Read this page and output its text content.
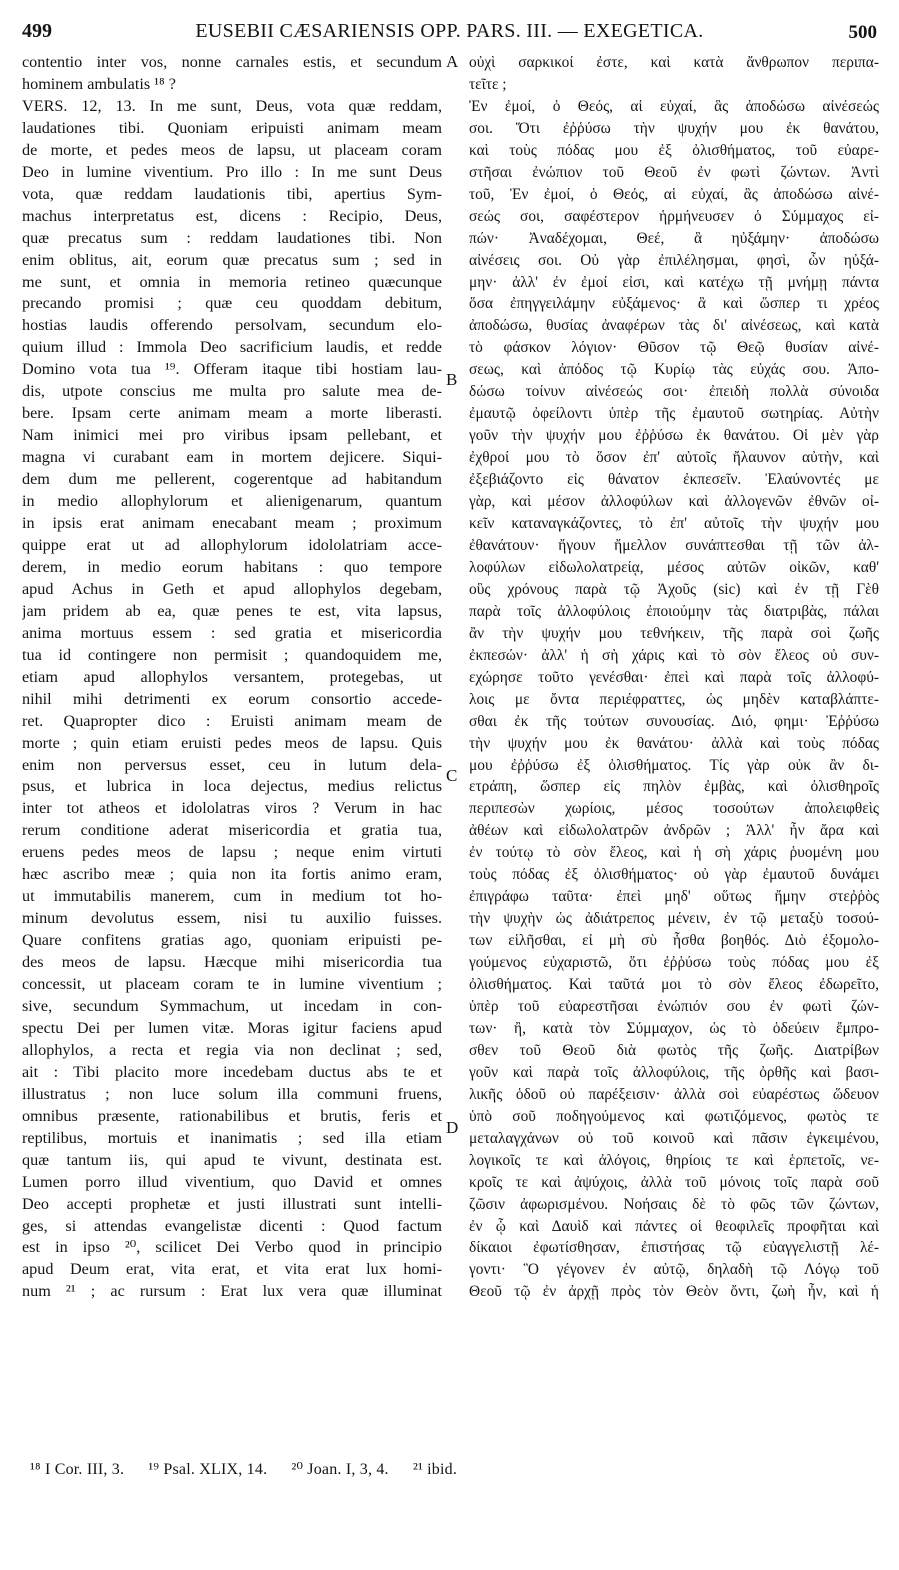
499	EUSEBII CÆSARIENSIS OPP. PARS. III. — EXEGETICA.	500
contentio inter vos, nonne carnales estis, et secundum
hominem ambulatis ¹⁸ ?
VERS. 12, 13. In me sunt, Deus, vota quæ reddam,
laudationes tibi. Quoniam eripuisti animam meam
de morte, et pedes meos de lapsu, ut placeam coram
Deo in lumine viventium. Pro illo : In me sunt Deus
vota, quæ reddam laudationis tibi, apertius Sym-
machus interpretatus est, dicens : Recipio, Deus,
quæ precatus sum : reddam laudationes tibi. Non
enim oblitus, ait, eorum quæ precatus sum ; sed in
me sunt, et omnia in memoria retineo quæcunque
precando promisi ; quæ ceu quoddam debitum,
hostias laudis offerendo persolvam, secundum elo-
quium illud : Immola Deo sacrificium laudis, et redde
Domino vota tua ¹⁹. Offeram itaque tibi hostiam lau-
dis, utpote conscius me multa pro salute mea de-
bere. Ipsam certe animam meam a morte liberasti.
Nam inimici mei pro viribus ipsam pellebant, et
magna vi curabant eam in mortem dejicere. Siqui-
dem dum me pellerent, cogerentque ad habitandum
in medio allophylorum et alienigenarum, quantum
in ipsis erat animam enecabant meam ; proximum
quippe erat ut ad allophylorum idololatriam acce-
derem, in medio eorum habitans : quo tempore
apud Achus in Geth et apud allophylos degebam,
jam pridem ab ea, quæ penes te est, vita lapsus,
anima mortuus essem : sed gratia et misericordia
tua id contingere non permisit ; quandoquidem me,
etiam apud allophylos versantem, protegebas, ut
nihil mihi detrimenti ex eorum consortio accede-
ret. Quapropter dico : Eruisti animam meam de
morte ; quin etiam eruisti pedes meos de lapsu. Quis
enim non perversus esset, ceu in lutum dela-
psus, et lubrica in loca dejectus, medius relictus
inter tot atheos et idololatras viros ? Verum in hac
rerum conditione aderat misericordia et gratia tua,
eruens pedes meos de lapsu ; neque enim virtuti
hæc ascribo meæ ; quia non ita fortis animo eram,
ut immutabilis manerem, cum in medium tot ho-
minum devolutus essem, nisi tu auxilio fuisses.
Quare confitens gratias ago, quoniam eripuisti pe-
des meos de lapsu. Hæcque mihi misericordia tua
concessit, ut placeam coram te in lumine viventium ;
sive, secundum Symmachum, ut incedam in con-
spectu Dei per lumen vitæ. Moras igitur faciens apud
allophylos, a recta et regia via non declinat ; sed,
ait : Tibi placito more incedebam ductus abs te et
illustratus ; non luce solum illa communi fruens,
omnibus præsente, rationabilibus et brutis, feris et
reptilibus, mortuis et inanimatis ; sed illa etiam
quæ tantum iis, qui apud te vivunt, destinata est.
Lumen porro illud viventium, quo David et omnes
Deo accepti prophetæ et justi illustrati sunt intelli-
ges, si attendas evangelistæ dicenti : Quod factum
est in ipso ²⁰, scilicet Dei Verbo quod in principio
apud Deum erat, vita erat, et vita erat lux homi-
num ²¹ ; ac rursum : Erat lux vera quæ illuminat
οὐχὶ σαρκικοί ἐστε, καὶ κατὰ ἄνθρωπον περιπα-
τεῖτε ;
Ἐν ἐμοί, ὁ Θεός, αἱ εὐχαί, ἃς ἀποδώσω αἰνέσεώς
σοι. Ὅτι ἐῤῥύσω τὴν ψυχήν μου ἐκ θανάτου,
καὶ τοὺς πόδας μου ἐξ ὀλισθήματος, τοῦ εὐαρε-
στῆσαι ἐνώπιον τοῦ Θεοῦ ἐν φωτὶ ζώντων. Ἀντὶ
τοῦ, Ἐν ἐμοί, ὁ Θεός, αἱ εὐχαί, ἃς ἀποδώσω αἰνέ-
σεώς σοι, σαφέστερον ἡρμήνευσεν ὁ Σύμμαχος εἰ-
πών· Ἀναδέχομαι, Θεέ, ἃ ηὐξάμην· ἀποδώσω
αἰνέσεις σοι. Οὐ γὰρ ἐπιλέλησμαι, φησὶ, ὧν ηὐξά-
μην· ἀλλ' ἐν ἐμοί εἰσι, καὶ κατέχω τῇ μνήμῃ πάντα
ὅσα ἐπηγγειλάμην εὐξάμενος· ἃ καὶ ὥσπερ τι χρέος
ἀποδώσω, θυσίας ἀναφέρων τὰς δι' αἰνέσεως, καὶ κατὰ
τὸ φάσκον λόγιον· Θῦσον τῷ Θεῷ θυσίαν αἰνέ-
σεως, καὶ ἀπόδος τῷ Κυρίῳ τὰς εὐχάς σου. Ἀπο-
δώσω τοίνυν αἰνέσεώς σοι· ἐπειδὴ πολλὰ σύνοιδα
ἐμαυτῷ ὀφείλοντι ὑπὲρ τῆς ἐμαυτοῦ σωτηρίας. Αὐτὴν
γοῦν τὴν ψυχήν μου ἐῤῥύσω ἐκ θανάτου. Οἱ μὲν γὰρ
ἐχθροί μου τὸ ὅσον ἐπ' αὐτοῖς ἤλαυνον αὐτὴν, καὶ
ἐξεβιάζοντο εἰς θάνατον ἐκπεσεῖν. Ἐλαύνοντές με
γὰρ, καὶ μέσον ἀλλοφύλων καὶ ἀλλογενῶν ἐθνῶν οἰ-
κεῖν καταναγκάζοντες, τὸ ἐπ' αὐτοῖς τὴν ψυχήν μου
ἐθανάτουν· ἤγουν ἤμελλον συνάπτεσθαι τῇ τῶν ἀλ-
λοφύλων εἰδωλολατρείᾳ, μέσος αὐτῶν οἰκῶν, καθ'
οὓς χρόνους παρὰ τῷ Ἀχοῦς (sic) καὶ ἐν τῇ Γὲθ
παρὰ τοῖς ἀλλοφύλοις ἐποιούμην τὰς διατριβὰς, πάλαι
ἂν τὴν ψυχήν μου τεθνήκειν, τῆς παρὰ σοὶ ζωῆς
ἐκπεσών· ἀλλ' ἡ σὴ χάρις καὶ τὸ σὸν ἔλεος οὐ συν-
εχώρησε τοῦτο γενέσθαι· ἐπεὶ καὶ παρὰ τοῖς ἀλλοφύ-
λοις με ὄντα περιέφραττες, ὡς μηδὲν καταβλάπτε-
σθαι ἐκ τῆς τούτων συνουσίας. Διό, φημι· Ἐῤῥύσω
τὴν ψυχήν μου ἐκ θανάτου· ἀλλὰ καὶ τοὺς πόδας
μου ἐῤῥύσω ἐξ ὀλισθήματος. Τίς γὰρ οὐκ ἂν δι-
ετράπη, ὥσπερ εἰς πηλὸν ἐμβὰς, καὶ ὀλισθηροῖς
περιπεσὼν χωρίοις, μέσος τοσούτων ἀπολειφθεὶς
ἀθέων καὶ εἰδωλολατρῶν ἀνδρῶν ; Ἀλλ' ἦν ἄρα καὶ
ἐν τούτῳ τὸ σὸν ἔλεος, καὶ ἡ σὴ χάρις ῥυομένη μου
τοὺς πόδας ἐξ ὀλισθήματος· οὐ γὰρ ἐμαυτοῦ δυνάμει
ἐπιγράφω ταῦτα· ἐπεὶ μηδ' οὕτως ἤμην στεῤῥὸς
τὴν ψυχὴν ὡς ἀδιάτρεπος μένειν, ἐν τῷ μεταξὺ τοσού-
των εἱλῆσθαι, εἰ μὴ σὺ ἦσθα βοηθός. Διὸ ἐξομολο-
γούμενος εὐχαριστῶ, ὅτι ἐῤῥύσω τοὺς πόδας μου ἐξ
ὀλισθήματος. Καὶ ταῦτά μοι τὸ σὸν ἔλεος ἐδωρεῖτο,
ὑπὲρ τοῦ εὐαρεστῆσαι ἐνώπιόν σου ἐν φωτὶ ζών-
των· ἢ, κατὰ τὸν Σύμμαχον, ὡς τὸ ὁδεύειν ἔμπρο-
σθεν τοῦ Θεοῦ διὰ φωτὸς τῆς ζωῆς. Διατρίβων
γοῦν καὶ παρὰ τοῖς ἀλλοφύλοις, τῆς ὀρθῆς καὶ βασι-
λικῆς ὁδοῦ οὐ παρέξεισιν· ἀλλὰ σοὶ εὐαρέστως ὥδευον
ὑπὸ σοῦ ποδηγούμενος καὶ φωτιζόμενος, φωτὸς τε
μεταλαγχάνων οὐ τοῦ κοινοῦ καὶ πᾶσιν ἐγκειμένου,
λογικοῖς τε καὶ ἀλόγοις, θηρίοις τε καὶ ἑρπετοῖς, νε-
κροῖς τε καὶ ἀψύχοις, ἀλλὰ τοῦ μόνοις τοῖς παρὰ σοῦ
ζῶσιν ἀφωρισμένου. Νοήσαις δὲ τὸ φῶς τῶν ζώντων,
ἐν ᾧ καὶ Δαυὶδ καὶ πάντες οἱ θεοφιλεῖς προφῆται καὶ
δίκαιοι ἐφωτίσθησαν, ἐπιστήσας τῷ εὐαγγελιστῇ λέ-
γοντι· Ὃ γέγονεν ἐν αὐτῷ, δηλαδὴ τῷ Λόγῳ τοῦ
Θεοῦ τῷ ἐν ἀρχῇ πρὸς τὸν Θεὸν ὄντι, ζωὴ ἦν, καὶ ἡ
A
B
C
D
¹⁸ I Cor. III, 3. ¹⁹ Psal. XLIX, 14. ²⁰ Joan. I, 3, 4. ²¹ ibid.
